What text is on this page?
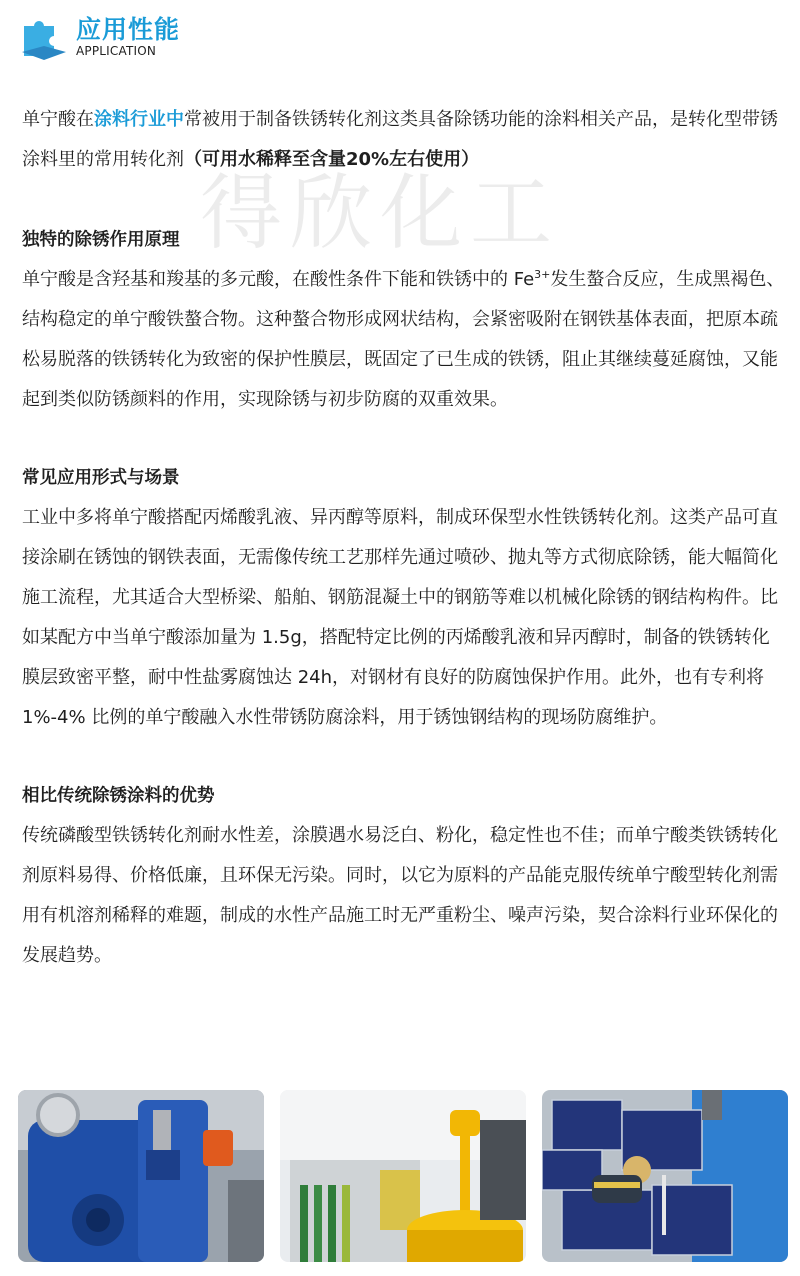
应用性能
APPLICATION
得欣化工

单宁酸在涂料行业中常被用于制备铁锈转化剂这类具备除锈功能的涂料相关产品，是转化型带锈涂料里的常用转化剂（可用水稀释至含量20%左右使用）

独特的除锈作用原理

单宁酸是含羟基和羧基的多元酸，在酸性条件下能和铁锈中的 $Fe^{3+}$发生螯合反应，生成黑褐色、结构稳定的单宁酸铁螯合物。这种螯合物形成网状结构，会紧密吸附在钢铁基体表面，把原本疏松易脱落的铁锈转化为致密的保护性膜层，既固定了已生成的铁锈，阻止其继续蔓延腐蚀，又能起到类似防锈颜料的作用，实现除锈与初步防腐的双重效果。

常见应用形式与场景

工业中多将单宁酸搭配丙烯酸乳液、异丙醇等原料，制成环保型水性铁锈转化剂。这类产品可直接涂刷在锈蚀的钢铁表面，无需像传统工艺那样先通过喷砂、抛丸等方式彻底除锈，能大幅简化施工流程，尤其适合大型桥梁、船舶、钢筋混凝土中的钢筋等难以机械化除锈的钢结构构件。比如某配方中当单宁酸添加量为 1.5g，搭配特定比例的丙烯酸乳液和异丙醇时，制备的铁锈转化膜层致密平整，耐中性盐雾腐蚀达 24h，对钢材有良好的防腐蚀保护作用。此外，也有专利将 1%-4% 比例的单宁酸融入水性带锈防腐涂料，用于锈蚀钢结构的现场防腐维护。

相比传统除锈涂料的优势

传统磷酸型铁锈转化剂耐水性差，涂膜遇水易泛白、粉化，稳定性也不佳；而单宁酸类铁锈转化剂原料易得、价格低廉，且环保无污染。同时，以它为原料的产品能克服传统单宁酸型转化剂需用有机溶剂稀释的难题，制成的水性产品施工时无严重粉尘、噪声污染，契合涂料行业环保化的发展趋势。
